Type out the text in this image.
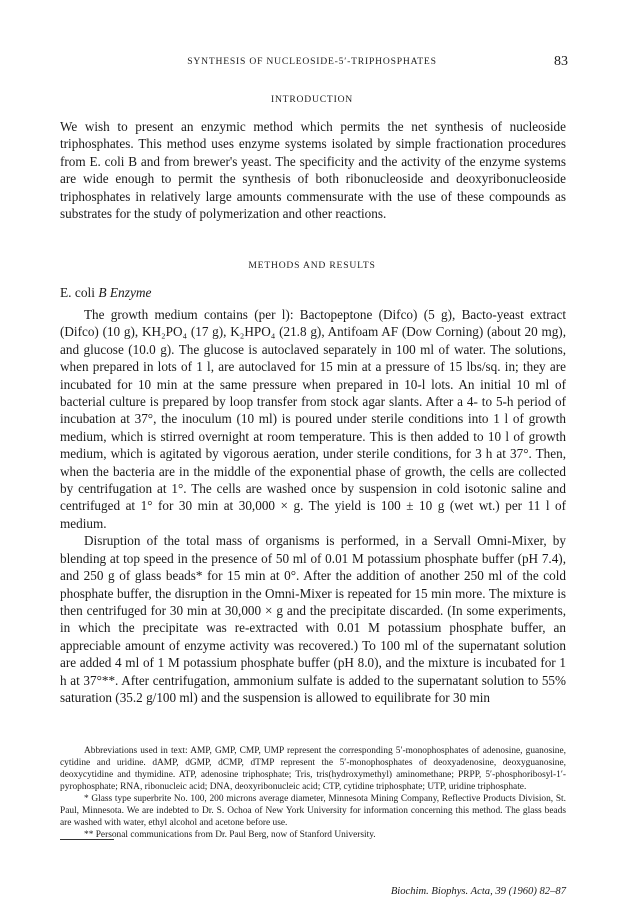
SYNTHESIS OF NUCLEOSIDE-5′-TRIPHOSPHATES	83
INTRODUCTION

We wish to present an enzymic method which permits the net synthesis of nucleoside triphosphates. This method uses enzyme systems isolated by simple fractionation procedures from E. coli B and from brewer's yeast. The specificity and the activity of the enzyme systems are wide enough to permit the synthesis of both ribonucleoside and deoxyribonucleoside triphosphates in relatively large amounts commensurate with the use of these compounds as substrates for the study of polymerization and other reactions.

METHODS AND RESULTS
E. coli B Enzyme

The growth medium contains (per l): Bactopeptone (Difco) (5 g), Bacto-yeast extract (Difco) (10 g), KH₂PO₄ (17 g), K₂HPO₄ (21.8 g), Antifoam AF (Dow Corning) (about 20 mg), and glucose (10.0 g). The glucose is autoclaved separately in 100 ml of water. The solutions, when prepared in lots of 1 l, are autoclaved for 15 min at a pressure of 15 lbs/sq. in; they are incubated for 10 min at the same pressure when prepared in 10-l lots. An initial 10 ml of bacterial culture is prepared by loop transfer from stock agar slants. After a 4- to 5-h period of incubation at 37°, the inoculum (10 ml) is poured under sterile conditions into 1 l of growth medium, which is stirred overnight at room temperature. This is then added to 10 l of growth medium, which is agitated by vigorous aeration, under sterile conditions, for 3 h at 37°. Then, when the bacteria are in the middle of the exponential phase of growth, the cells are collected by centrifugation at 1°. The cells are washed once by suspension in cold isotonic saline and centrifuged at 1° for 30 min at 30,000 × g. The yield is 100 ± 10 g (wet wt.) per 11 l of medium.

Disruption of the total mass of organisms is performed, in a Servall Omni-Mixer, by blending at top speed in the presence of 50 ml of 0.01 M potassium phosphate buffer (pH 7.4), and 250 g of glass beads* for 15 min at 0°. After the addition of another 250 ml of the cold phosphate buffer, the disruption in the Omni-Mixer is repeated for 15 min more. The mixture is then centrifuged for 30 min at 30,000 × g and the precipitate discarded. (In some experiments, in which the precipitate was re-extracted with 0.01 M potassium phosphate buffer, an appreciable amount of enzyme activity was recovered.) To 100 ml of the supernatant solution are added 4 ml of 1 M potassium phosphate buffer (pH 8.0), and the mixture is incubated for 1 h at 37°**. After centrifugation, ammonium sulfate is added to the supernatant solution to 55% saturation (35.2 g/100 ml) and the suspension is allowed to equilibrate for 30 min

Abbreviations used in text: AMP, GMP, CMP, UMP represent the corresponding 5′-monophosphates of adenosine, guanosine, cytidine and uridine. dAMP, dGMP, dCMP, dTMP represent the 5′-monophosphates of deoxyadenosine, deoxyguanosine, deoxycytidine and thymidine. ATP, adenosine triphosphate; Tris, tris(hydroxymethyl) aminomethane; PRPP, 5′-phosphoribosyl-1′-pyrophosphate; RNA, ribonucleic acid; DNA, deoxyribonucleic acid; CTP, cytidine triphosphate; UTP, uridine triphosphate.

* Glass type superbrite No. 100, 200 microns average diameter, Minnesota Mining Company, Reflective Products Division, St. Paul, Minnesota. We are indebted to Dr. S. Ochoa of New York University for information concerning this method. The glass beads are washed with water, ethyl alcohol and acetone before use.

** Personal communications from Dr. Paul Berg, now of Stanford University.

Biochim. Biophys. Acta, 39 (1960) 82–87
